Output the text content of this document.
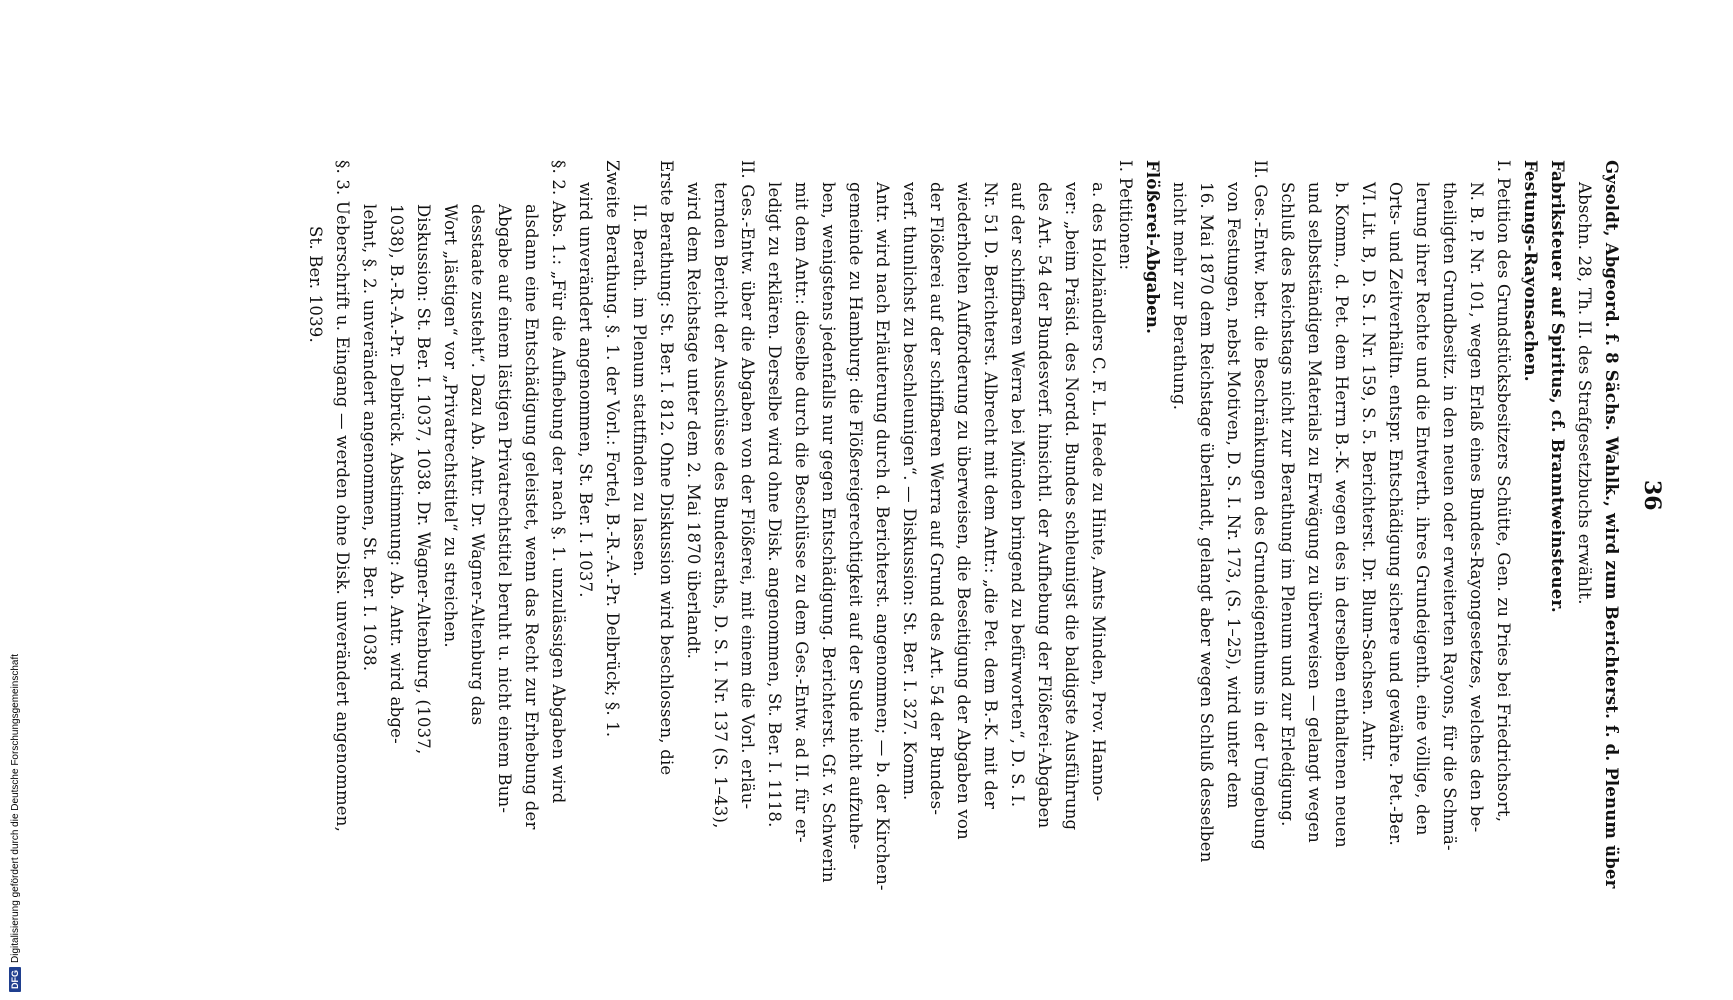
DFG
Digitalisierung gefördert durch die Deutsche Forschungsgemeinschaft
36
Gysoldt, Abgeord. f. 8 Sächs. Wahlk., wird zum Berichterst. f. d. Plenum über
Abschn. 28, Th. II. des Strafgesetzbuchs erwählt.
Fabriksteuer auf Spiritus, cf. Branntweinsteuer.
Festungs-Rayonsachen.
I. Petition des Grundstücksbesitzers Schütte, Gen. zu Pries bei Friedrichsort,
N. B. P. Nr. 101, wegen Erlaß eines Bundes-Rayongesetzes, welches den be-
theiligten Grundbesitz. in den neuen oder erweiterten Rayons, für die Schmä-
lerung ihrer Rechte und die Entwerth. ihres Grundeigenth. eine völlige, den
Orts- und Zeitverhältn. entspr. Entschädigung sichere und gewähre. Pet.-Ber.
VI. Lit. B, D. S. I. Nr. 159, S. 5. Berichterst. Dr. Blum-Sachsen. Antr.
b. Komm., d. Pet. dem Herrn B.-K. wegen des in derselben enthaltenen neuen
und selbstständigen Materials zu Erwägung zu überweisen — gelangt wegen
Schluß des Reichstags nicht zur Berathung im Plenum und zur Erledigung.
II. Ges.-Entw. betr. die Beschränkungen des Grundeigenthums in der Umgebung
von Festungen, nebst Motiven, D. S. I. Nr. 173, (S. 1–25), wird unter dem
16. Mai 1870 dem Reichstage überlandt, gelangt aber wegen Schluß desselben
nicht mehr zur Berathung.
Flößerei-Abgaben.
I. Petitionen:
a. des Holzhändlers C. F. L. Heede zu Hinte, Amts Minden, Prov. Hanno-
ver: „beim Präsid. des Nordd. Bundes schleunigst die baldigste Ausführung
des Art. 54 der Bundesverf. hinsichtl. der Aufhebung der Flößerei-Abgaben
auf der schiffbaren Werra bei Münden bringend zu befürworten“, D. S. I.
Nr. 51 D. Berichterst. Albrecht mit dem Antr.: „die Pet. dem B.-K. mit der
wiederholten Aufforderung zu überweisen, die Beseitigung der Abgaben von
der Flößerei auf der schiffbaren Werra auf Grund des Art. 54 der Bundes-
verf. thunlichst zu beschleunigen“. — Diskussion: St. Ber. I. 327. Komm.
Antr. wird nach Erläuterung durch d. Berichterst. angenommen; — b. der Kirchen-
gemeinde zu Hamburg: die Flößereigerechtigkeit auf der Sude nicht aufzuhe-
ben, wenigstens jedenfalls nur gegen Entschädigung. Berichterst. Gf. v. Schwerin
mit dem Antr.: dieselbe durch die Beschlüsse zu dem Ges.-Entw. ad II. für er-
ledigt zu erklären. Derselbe wird ohne Disk. angenommen, St. Ber. I. 1118.
II. Ges.-Entw. über die Abgaben von der Flößerei, mit einem die Vorl. erläu-
ternden Bericht der Ausschüsse des Bundesraths, D. S. I. Nr. 137 (S. 1–43),
wird dem Reichstage unter dem 2. Mai 1870 überlandt.
Erste Berathung: St. Ber. I. 812. Ohne Diskussion wird beschlossen, die
II. Berath. im Plenum stattfinden zu lassen.
Zweite Berathung. §. 1. der Vorl.: Fortel, B.-R.-A.-Pr. Delbrück; §. 1.
wird unverändert angenommen, St. Ber. I. 1037.
§. 2. Abs. 1.: „Für die Aufhebung der nach §. 1. unzulässigen Abgaben wird
alsdann eine Entschädigung geleistet, wenn das Recht zur Erhebung der
Abgabe auf einem lästigen Privatrechtstitel beruht u. nicht einem Bun-
desstaate zusteht“. Dazu Ab. Antr. Dr. Wagner-Altenburg das
Wort „lästigen“ vor „Privatrechtstitel“ zu streichen.
Diskussion: St. Ber. I. 1037, 1038. Dr. Wagner-Altenburg, (1037,
1038), B.-R.-A.-Pr. Delbrück. Abstimmung: Ab. Antr. wird abge-
lehnt, §. 2. unverändert angenommen, St. Ber. I. 1038.
§. 3. Ueberschrift u. Eingang — werden ohne Disk. unverändert angenommen,
St. Ber. 1039.
